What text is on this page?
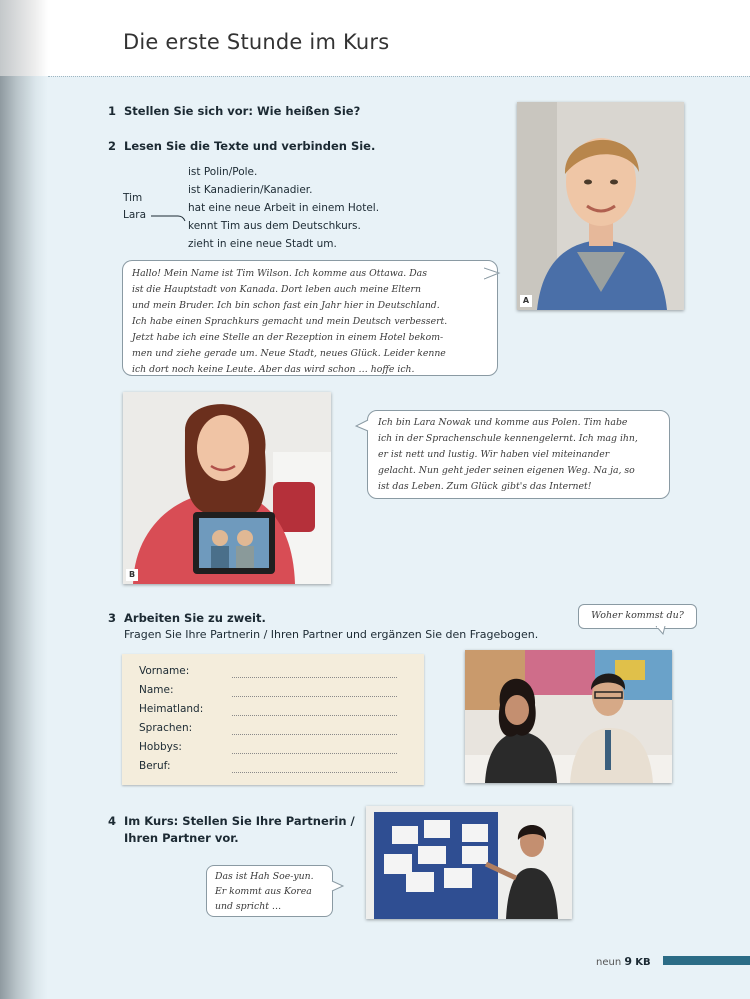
Die erste Stunde im Kurs
1 Stellen Sie sich vor: Wie heißen Sie?
2 Lesen Sie die Texte und verbinden Sie.
Tim
Lara
ist Polin/Pole.
ist Kanadierin/Kanadier.
hat eine neue Arbeit in einem Hotel.
kennt Tim aus dem Deutschkurs.
zieht in eine neue Stadt um.
Hallo! Mein Name ist Tim Wilson. Ich komme aus Ottawa. Das
ist die Hauptstadt von Kanada. Dort leben auch meine Eltern
und mein Bruder. Ich bin schon fast ein Jahr hier in Deutschland.
Ich habe einen Sprachkurs gemacht und mein Deutsch verbessert.
Jetzt habe ich eine Stelle an der Rezeption in einem Hotel bekom-
men und ziehe gerade um. Neue Stadt, neues Glück. Leider kenne
ich dort noch keine Leute. Aber das wird schon … hoffe ich.
A
B
Ich bin Lara Nowak und komme aus Polen. Tim habe
ich in der Sprachenschule kennengelernt. Ich mag ihn,
er ist nett und lustig. Wir haben viel miteinander
gelacht. Nun geht jeder seinen eigenen Weg. Na ja, so
ist das Leben. Zum Glück gibt's das Internet!
3 Arbeiten Sie zu zweit.
Fragen Sie Ihre Partnerin / Ihren Partner und ergänzen Sie den Fragebogen.
Woher kommst du?
Vorname:
Name:
Heimatland:
Sprachen:
Hobbys:
Beruf:
4 Im Kurs: Stellen Sie Ihre Partnerin /
Ihren Partner vor.
Das ist Hah Soe-yun.
Er kommt aus Korea
und spricht …
neun 9 KB
